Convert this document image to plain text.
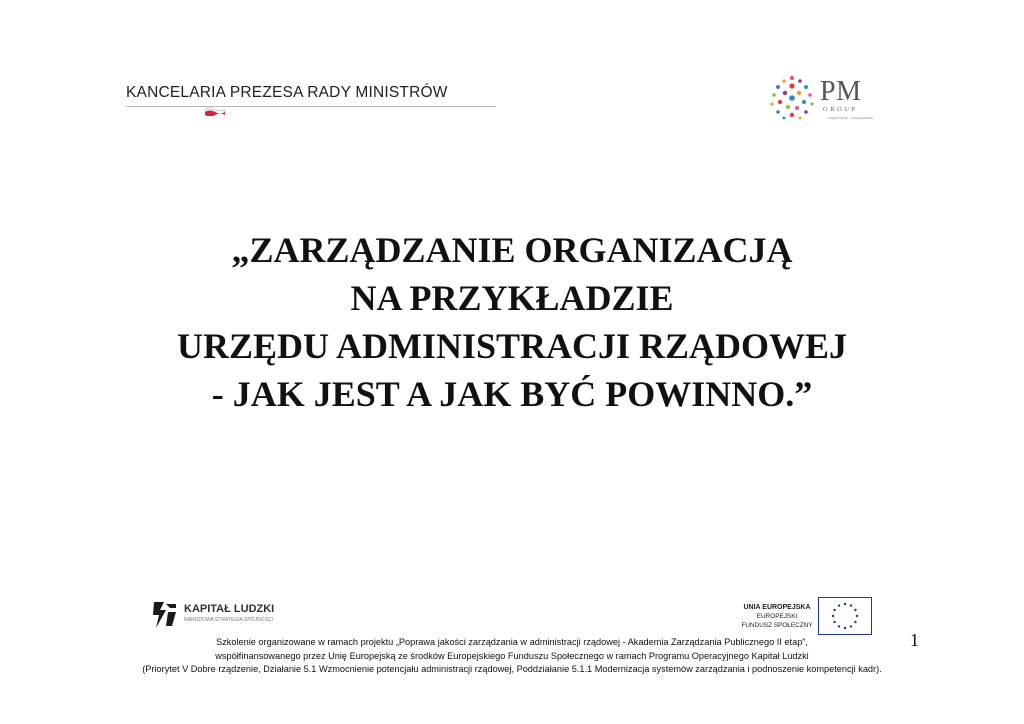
KANCELARIA PREZESA RADY MINISTRÓW	PM
GROUP
organizacja i zarządzanie
„ZARZĄDZANIE ORGANIZACJĄ
NA PRZYKŁADZIE
URZĘDU ADMINISTRACJI RZĄDOWEJ
- JAK JEST A JAK BYĆ POWINNO.”
KAPITAŁ LUDZKI
NARODOWA STRATEGIA SPÓJNOŚCI
UNIA EUROPEJSKA
EUROPEJSKI
FUNDUSZ SPOŁECZNY
Szkolenie organizowane w ramach projektu „Poprawa jakości zarządzania w administracji rządowej - Akademia Zarządzania Publicznego II etap”,
współfinansowanego przez Unię Europejską ze środków Europejskiego Funduszu Społecznego w ramach Programu Operacyjnego Kapitał Ludzki
(Priorytet V Dobre rządzenie, Działanie 5.1 Wzmocnienie potencjału administracji rządowej, Poddziałanie 5.1.1 Modernizacja systemów zarządzania i podnoszenie kompetencji kadr).
1
